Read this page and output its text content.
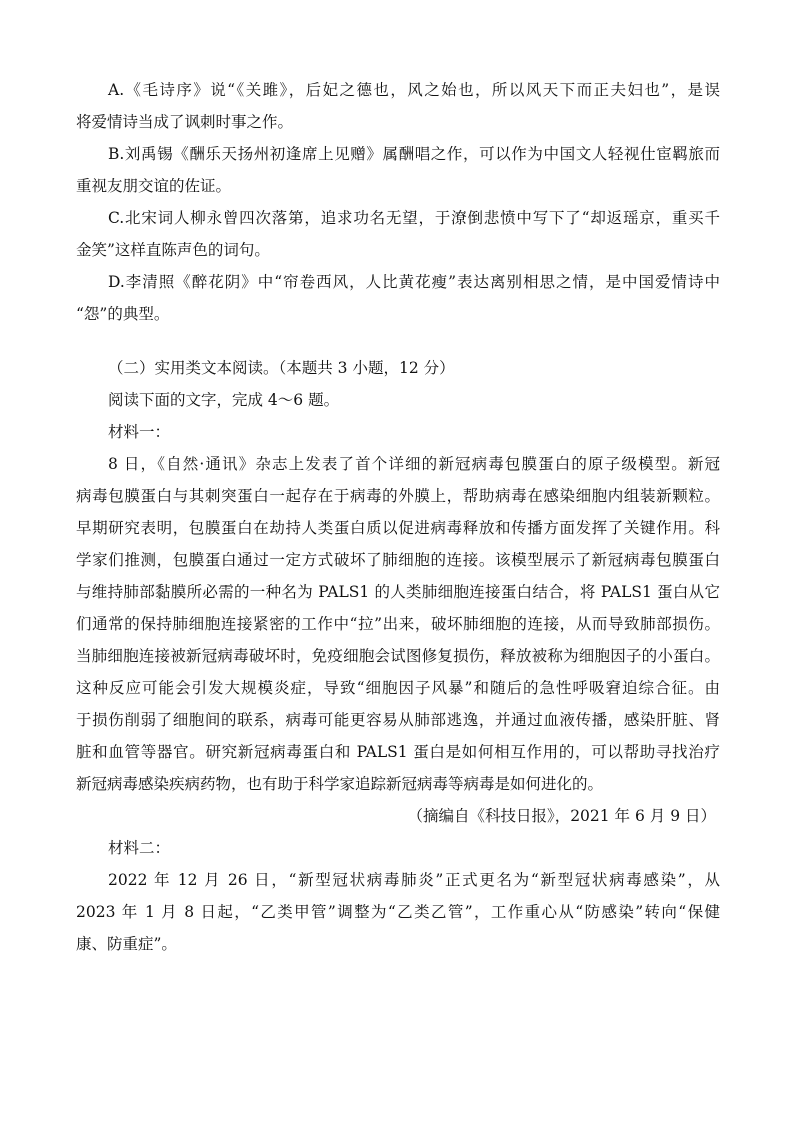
A.《毛诗序》说“《关雎》，后妃之德也，风之始也，所以风天下而正夫妇也”，是误
将爱情诗当成了讽刺时事之作。
B.刘禹锡《酬乐天扬州初逢席上见赠》属酬唱之作，可以作为中国文人轻视仕宦羁旅而
重视友朋交谊的佐证。
C.北宋词人柳永曾四次落第，追求功名无望，于潦倒悲愤中写下了“却返瑶京，重买千
金笑”这样直陈声色的词句。
D.李清照《醉花阴》中“帘卷西风，人比黄花瘦”表达离别相思之情，是中国爱情诗中
“怨”的典型。
（二）实用类文本阅读。（本题共 3 小题，12 分）
阅读下面的文字，完成 4～6 题。
材料一：
8 日，《自然·通讯》杂志上发表了首个详细的新冠病毒包膜蛋白的原子级模型。新冠
病毒包膜蛋白与其刺突蛋白一起存在于病毒的外膜上，帮助病毒在感染细胞内组装新颗粒。
早期研究表明，包膜蛋白在劫持人类蛋白质以促进病毒释放和传播方面发挥了关键作用。科
学家们推测，包膜蛋白通过一定方式破坏了肺细胞的连接。该模型展示了新冠病毒包膜蛋白
与维持肺部黏膜所必需的一种名为 PALS1 的人类肺细胞连接蛋白结合，将 PALS1 蛋白从它
们通常的保持肺细胞连接紧密的工作中“拉”出来，破坏肺细胞的连接，从而导致肺部损伤。
当肺细胞连接被新冠病毒破坏时，免疫细胞会试图修复损伤，释放被称为细胞因子的小蛋白。
这种反应可能会引发大规模炎症，导致“细胞因子风暴”和随后的急性呼吸窘迫综合征。由
于损伤削弱了细胞间的联系，病毒可能更容易从肺部逃逸，并通过血液传播，感染肝脏、肾
脏和血管等器官。研究新冠病毒蛋白和 PALS1 蛋白是如何相互作用的，可以帮助寻找治疗
新冠病毒感染疾病药物，也有助于科学家追踪新冠病毒等病毒是如何进化的。
（摘编自《科技日报》，2021 年 6 月 9 日）
材料二：
2022 年 12 月 26 日，“新型冠状病毒肺炎”正式更名为“新型冠状病毒感染”，从
2023 年 1 月 8 日起，“乙类甲管”调整为“乙类乙管”，工作重心从“防感染”转向“保健
康、防重症”。
